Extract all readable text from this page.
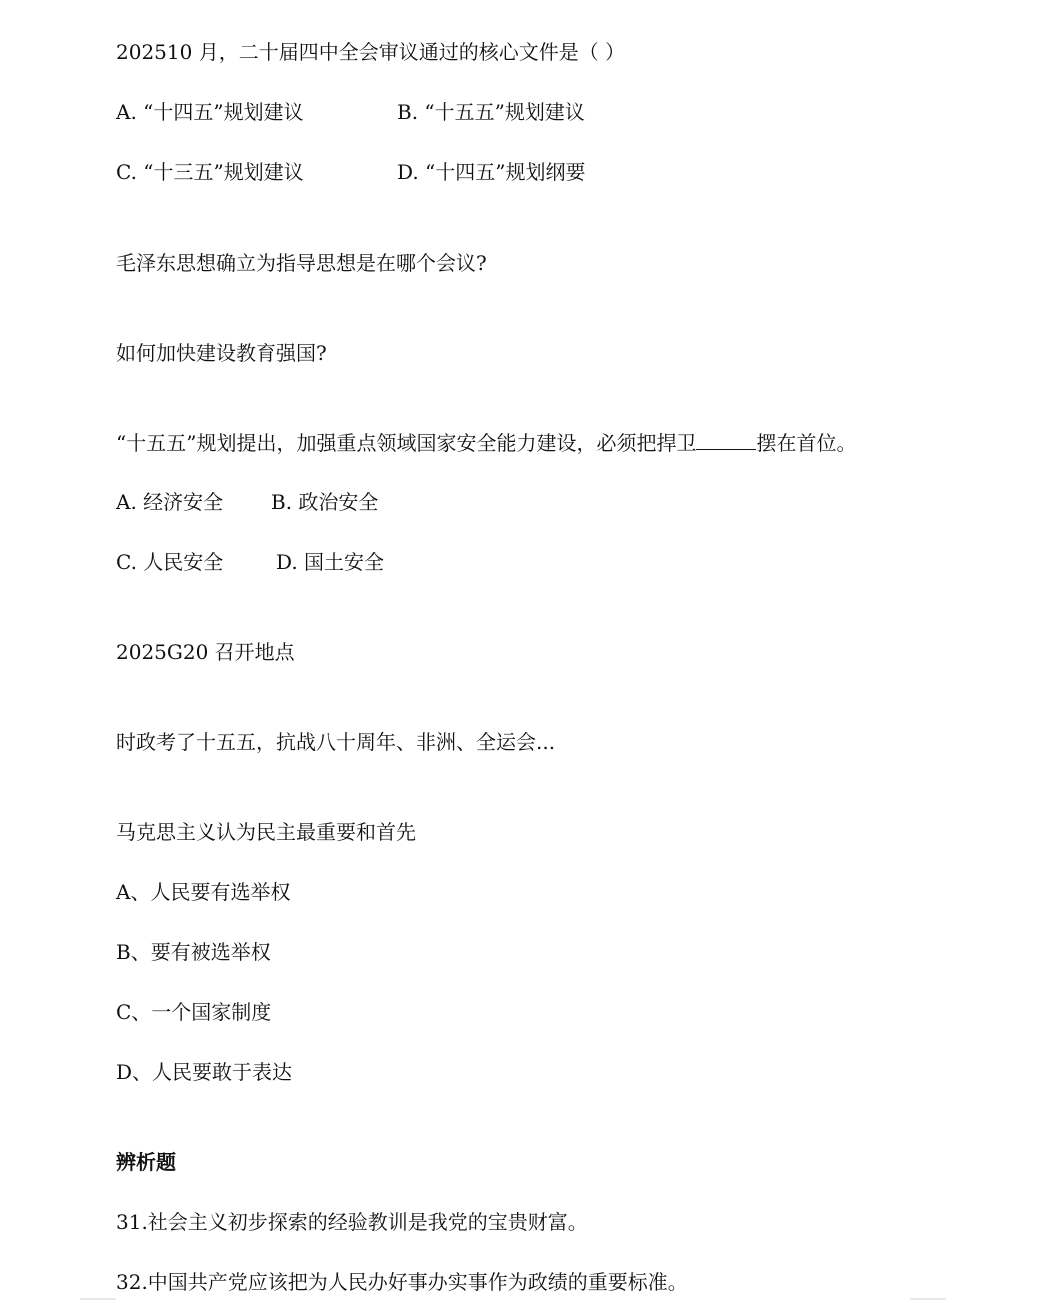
202510 月，二十届四中全会审议通过的核心文件是（ ）
A. “十四五”规划建议	B. “十五五”规划建议
C. “十三五”规划建议	D. “十四五”规划纲要
毛泽东思想确立为指导思想是在哪个会议?
如何加快建设教育强国?
“十五五”规划提出，加强重点领域国家安全能力建设，必须把捍卫	摆在首位。
A. 经济安全 B. 政治安全
C. 人民安全	D. 国土安全
2025G20 召开地点
时政考了十五五，抗战八十周年、非洲、全运会...
马克思主义认为民主最重要和首先
A、人民要有选举权
B、要有被选举权
C、一个国家制度
D、人民要敢于表达
辨析题
31.社会主义初步探索的经验教训是我党的宝贵财富。
32.中国共产党应该把为人民办好事办实事作为政绩的重要标准。
